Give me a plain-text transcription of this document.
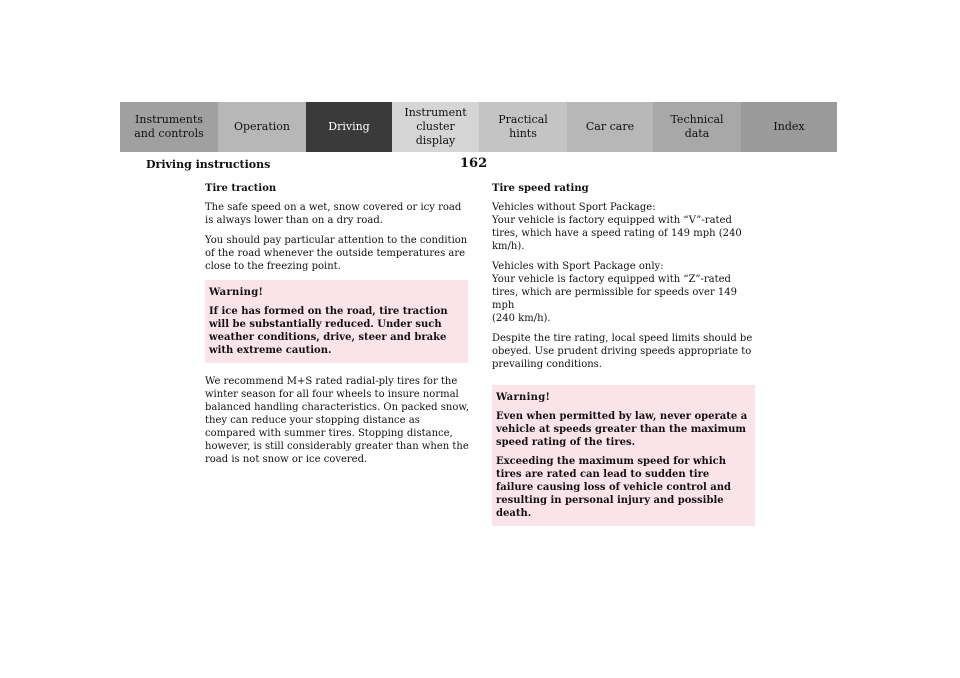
Instruments
and controls
Operation	Driving
Instrument
cluster display
Practical hints
Car care
Technical
data
Index
Driving instructions	162

Tire traction

The safe speed on a wet, snow covered or icy road is always lower than on a dry road.

You should pay particular attention to the condition of the road whenever the outside temperatures are close to the freezing point.

Warning!

If ice has formed on the road, tire traction will be substantially reduced. Under such weather conditions, drive, steer and brake with extreme caution.

We recommend M+S rated radial-ply tires for the winter season for all four wheels to insure normal balanced handling characteristics. On packed snow, they can reduce your stopping distance as compared with summer tires. Stopping distance, however, is still considerably greater than when the road is not snow or ice covered.

Tire speed rating

Vehicles without Sport Package:
Your vehicle is factory equipped with “V”-rated tires, which have a speed rating of 149 mph (240 km/h).

Vehicles with Sport Package only:
Your vehicle is factory equipped with “Z”-rated tires, which are permissible for speeds over 149 mph
(240 km/h).

Despite the tire rating, local speed limits should be obeyed. Use prudent driving speeds appropriate to prevailing conditions.

Warning!

Even when permitted by law, never operate a vehicle at speeds greater than the maximum speed rating of the tires.

Exceeding the maximum speed for which tires are rated can lead to sudden tire failure causing loss of vehicle control and resulting in personal injury and possible death.
